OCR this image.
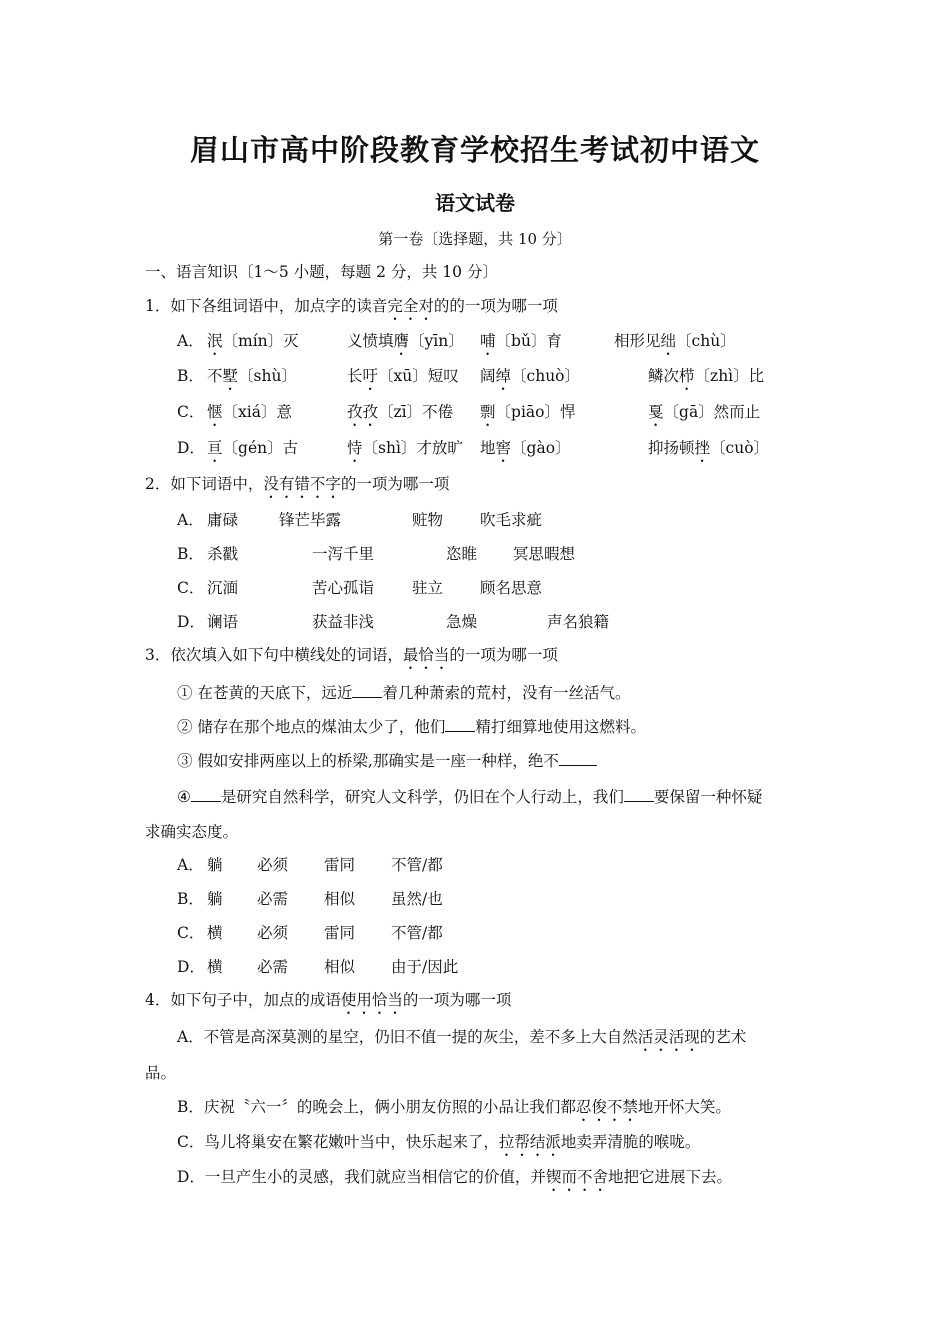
眉山市高中阶段教育学校招生考试初中语文
语文试卷
第一卷〔选择题，共 10 分〕
一、语言知识〔1～5 小题，每题 2 分，共 10 分〕
1．如下各组词语中，加点字的读音完全对的的一项为哪一项
A． 泯〔mín〕灭	义愤填膺〔yīn〕 哺〔bǔ〕育	相形见绌〔chù〕
B． 不墅〔shù〕	长吁〔xū〕短叹 阔绰〔chuò〕	鳞次栉〔zhì〕比
C． 惬〔xiá〕意	孜孜〔zī〕不倦 剽〔piāo〕悍	戛〔gā〕然而止
D． 亘〔gén〕古	恃〔shì〕才放旷 地窖〔gào〕	抑扬顿挫〔cuò〕
2．如下词语中，没有错不字的一项为哪一项
A． 庸碌	锋芒毕露	赃物 吹毛求疵
B． 杀戳	一泻千里	恣睢 冥思暇想
C． 沉湎	苦心孤诣 驻立 顾名思意
D． 谰语	获益非浅	急燥	声名狼籍
3．依次填入如下句中横线处的词语，最恰当的一项为哪一项
① 在苍黄的天底下，远近 着几种萧索的荒村，没有一丝活气。
② 储存在那个地点的煤油太少了，他们 精打细算地使用这燃料。
③ 假如安排两座以上的桥梁,那确实是一座一种样，绝不
④ 是研究自然科学，研究人文科学，仍旧在个人行动上，我们 要保留一种怀疑
求确实态度。
A． 躺 必须 雷同 不管/都
B． 躺 必需 相似 虽然/也
C． 横 必须 雷同 不管/都
D． 横 必需 相似 由于/因此
4．如下句子中，加点的成语使用恰当的一项为哪一项
A．不管是高深莫测的星空，仍旧不值一提的灰尘，差不多上大自然活灵活现的艺术
品。
B．庆祝〝六一〞的晚会上，俩小朋友仿照的小品让我们都忍俊不禁地开怀大笑。
C．鸟儿将巢安在繁花嫩叶当中，快乐起来了，拉帮结派地卖弄清脆的喉咙。
D．一旦产生小的灵感，我们就应当相信它的价值，并锲而不舍地把它进展下去。
